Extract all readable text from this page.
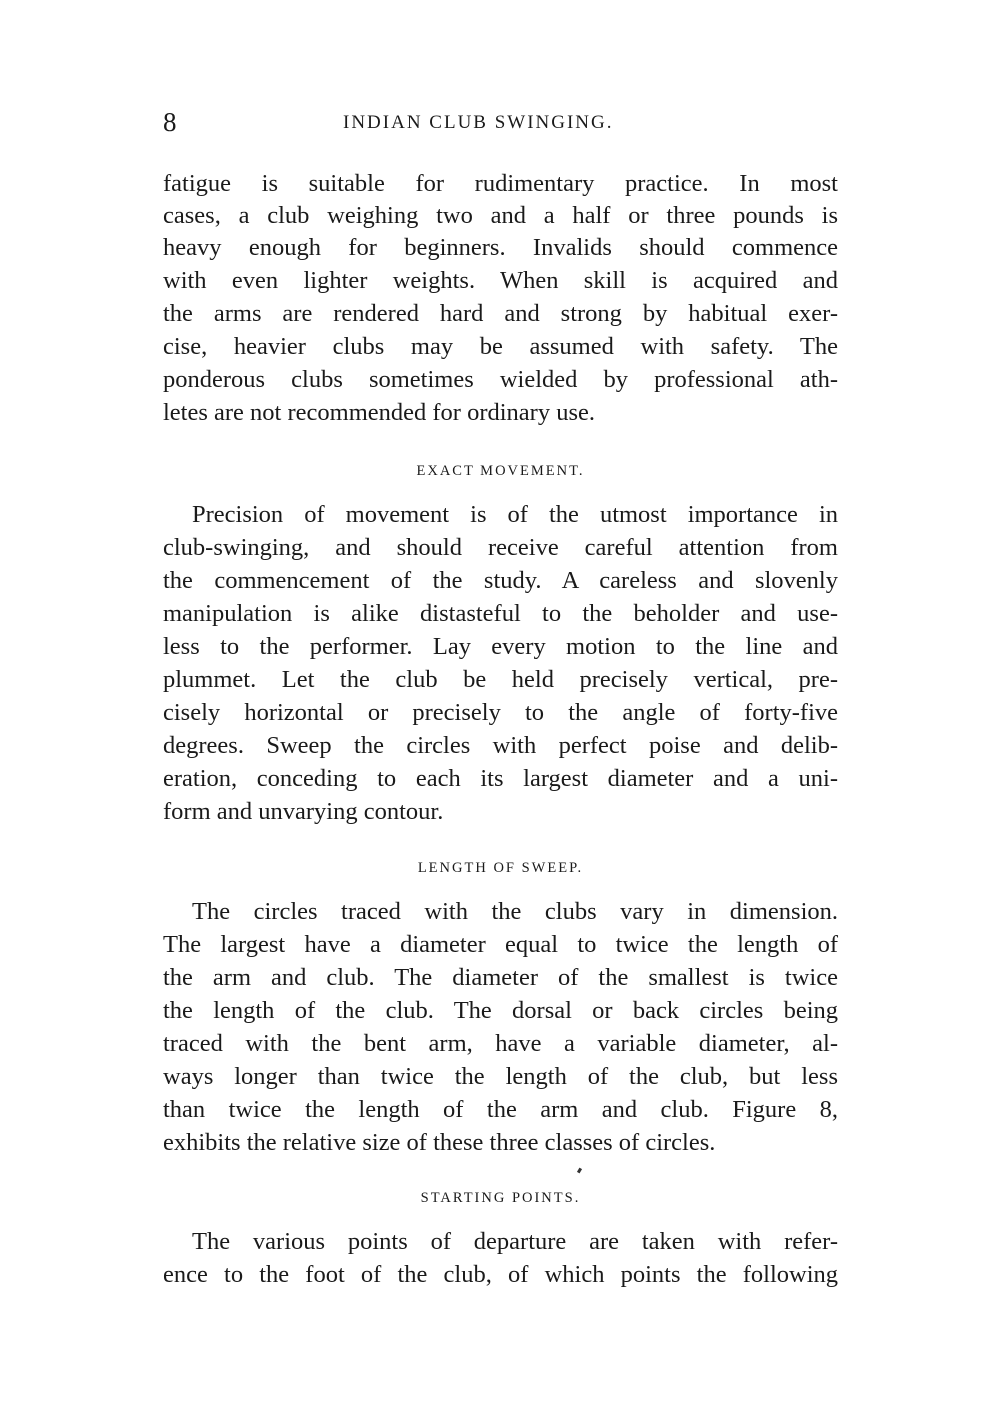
8	INDIAN CLUB SWINGING.
fatigue is suitable for rudimentary practice. In most
cases, a club weighing two and a half or three pounds is
heavy enough for beginners. Invalids should commence
with even lighter weights. When skill is acquired and
the arms are rendered hard and strong by habitual exer-
cise, heavier clubs may be assumed with safety. The
ponderous clubs sometimes wielded by professional ath-
letes are not recommended for ordinary use.
EXACT MOVEMENT.
Precision of movement is of the utmost importance in
club-swinging, and should receive careful attention from
the commencement of the study. A careless and slovenly
manipulation is alike distasteful to the beholder and use-
less to the performer. Lay every motion to the line and
plummet. Let the club be held precisely vertical, pre-
cisely horizontal or precisely to the angle of forty-five
degrees. Sweep the circles with perfect poise and delib-
eration, conceding to each its largest diameter and a uni-
form and unvarying contour.
LENGTH OF SWEEP.
The circles traced with the clubs vary in dimension.
The largest have a diameter equal to twice the length of
the arm and club. The diameter of the smallest is twice
the length of the club. The dorsal or back circles being
traced with the bent arm, have a variable diameter, al-
ways longer than twice the length of the club, but less
than twice the length of the arm and club. Figure 8,
exhibits the relative size of these three classes of circles.
STARTING POINTS.
The various points of departure are taken with refer-
ence to the foot of the club, of which points the following
